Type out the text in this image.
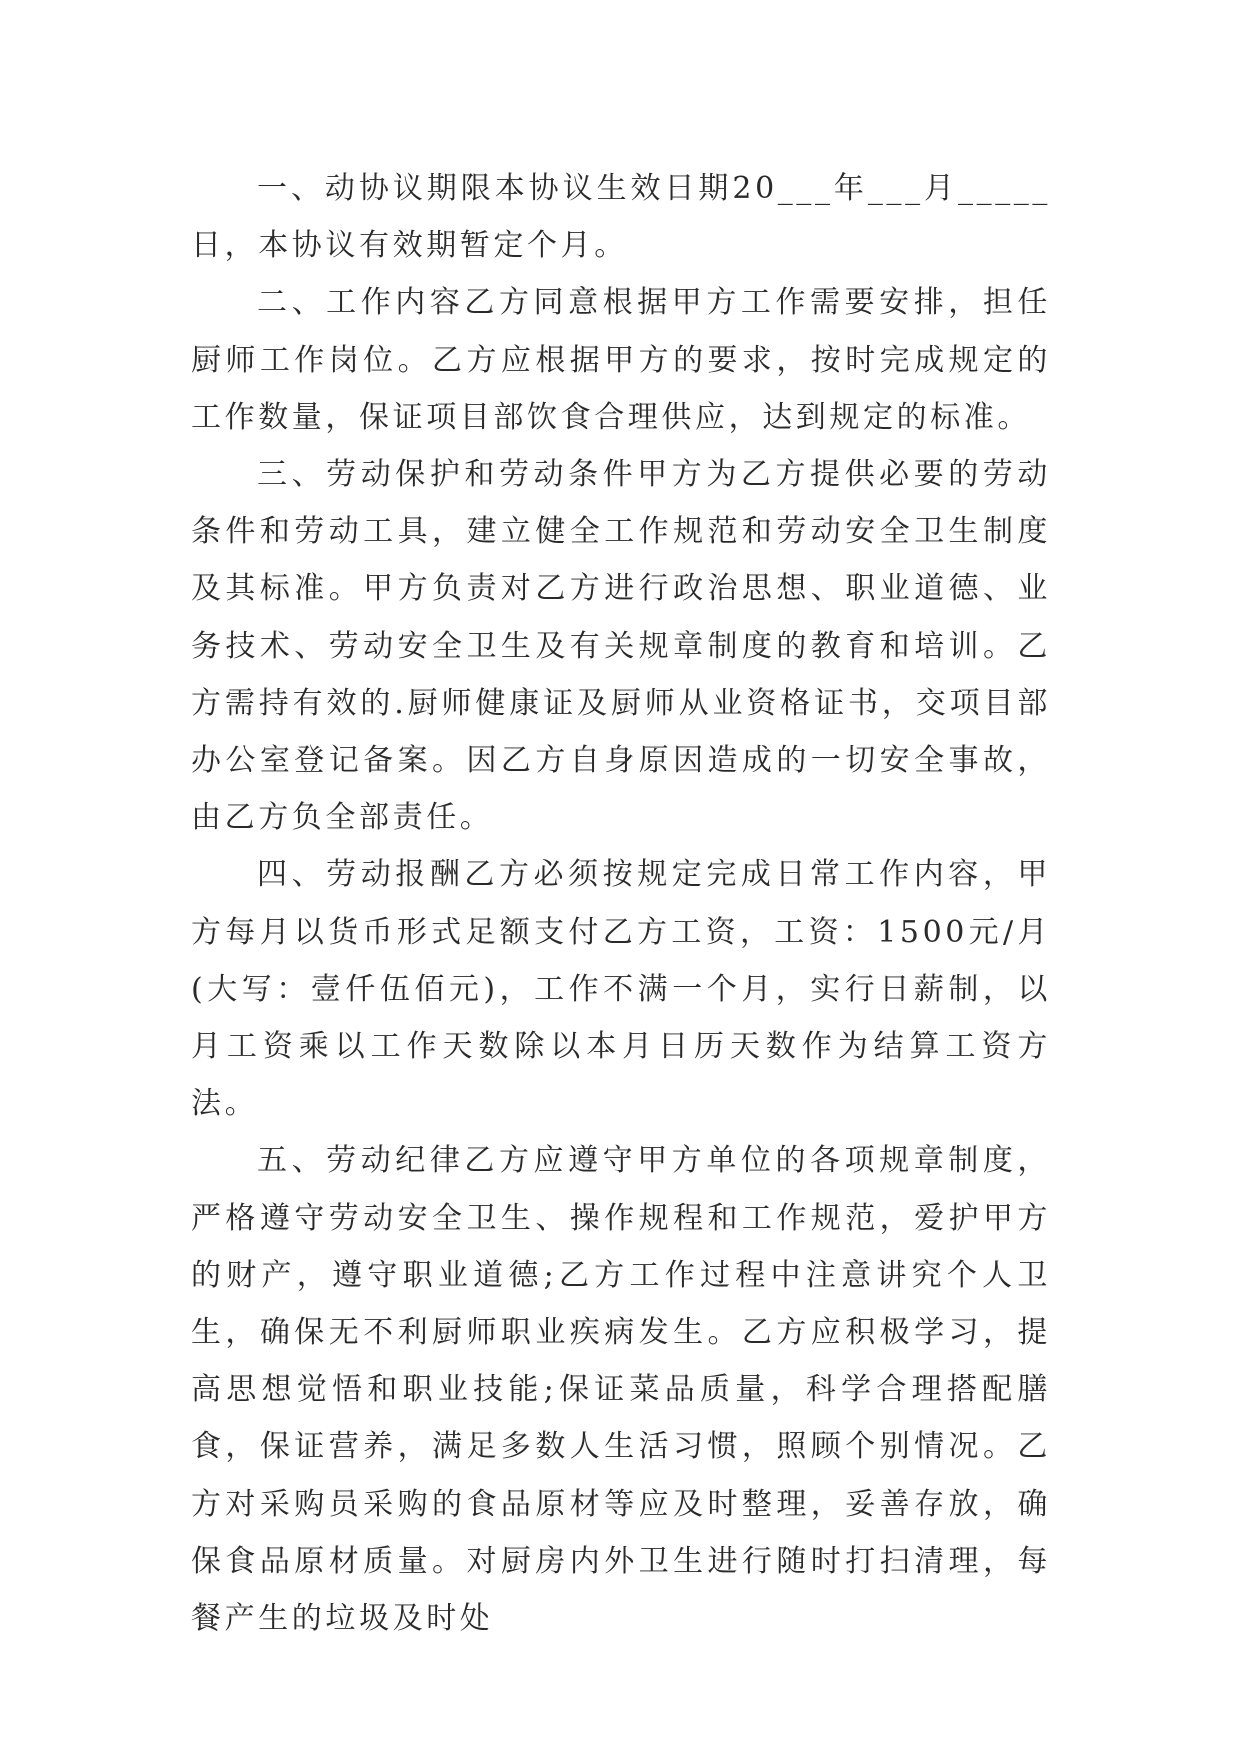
一、动协议期限本协议生效日期20___年___月_____日，本协议有效期暂定个月。

二、工作内容乙方同意根据甲方工作需要安排，担任厨师工作岗位。乙方应根据甲方的要求，按时完成规定的工作数量，保证项目部饮食合理供应，达到规定的标准。

三、劳动保护和劳动条件甲方为乙方提供必要的劳动条件和劳动工具，建立健全工作规范和劳动安全卫生制度及其标准。甲方负责对乙方进行政治思想、职业道德、业务技术、劳动安全卫生及有关规章制度的教育和培训。乙方需持有效的.厨师健康证及厨师从业资格证书，交项目部办公室登记备案。因乙方自身原因造成的一切安全事故，由乙方负全部责任。

四、劳动报酬乙方必须按规定完成日常工作内容，甲方每月以货币形式足额支付乙方工资，工资：1500元/月(大写：壹仟伍佰元)，工作不满一个月，实行日薪制，以月工资乘以工作天数除以本月日历天数作为结算工资方法。

五、劳动纪律乙方应遵守甲方单位的各项规章制度，严格遵守劳动安全卫生、操作规程和工作规范，爱护甲方的财产，遵守职业道德;乙方工作过程中注意讲究个人卫生，确保无不利厨师职业疾病发生。乙方应积极学习，提高思想觉悟和职业技能;保证菜品质量，科学合理搭配膳食，保证营养，满足多数人生活习惯，照顾个别情况。乙方对采购员采购的食品原材等应及时整理，妥善存放，确保食品原材质量。对厨房内外卫生进行随时打扫清理，每餐产生的垃圾及时处
